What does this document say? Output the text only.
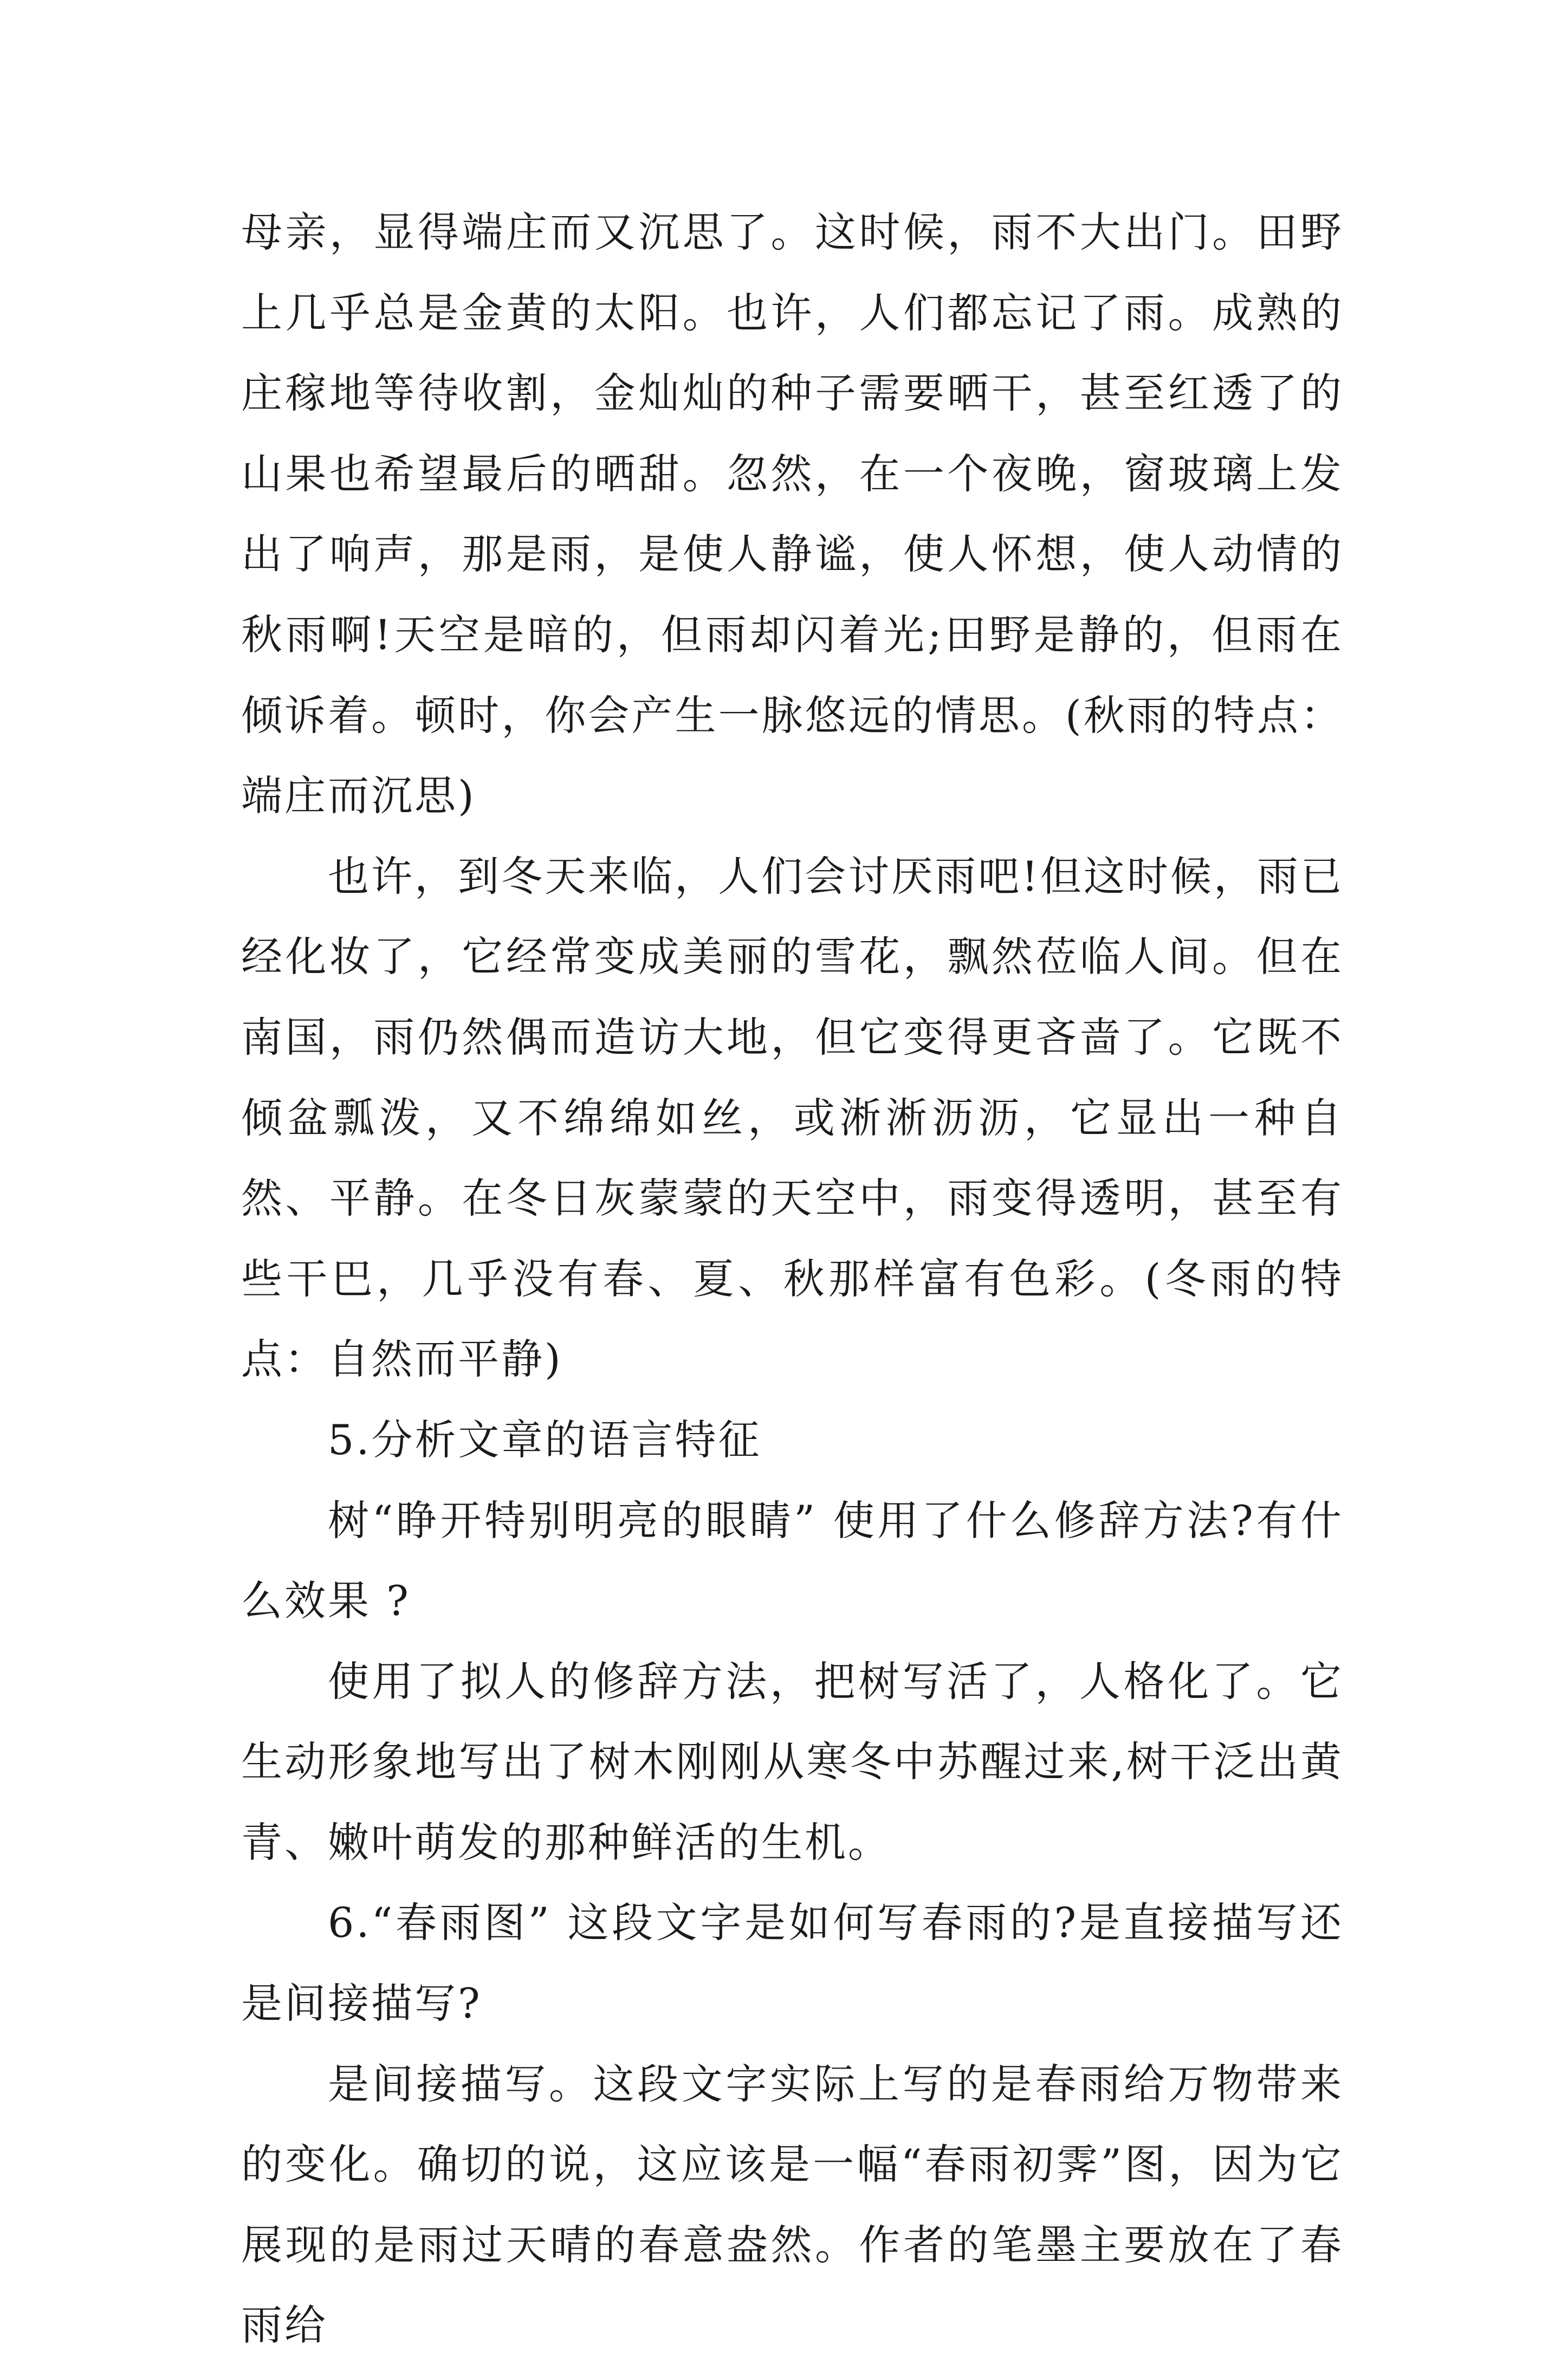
母亲，显得端庄而又沉思了。这时候，雨不大出门。田野上几乎总是金黄的太阳。也许，人们都忘记了雨。成熟的庄稼地等待收割，金灿灿的种子需要晒干，甚至红透了的山果也希望最后的晒甜。忽然，在一个夜晚，窗玻璃上发出了响声，那是雨，是使人静谧，使人怀想，使人动情的秋雨啊!天空是暗的，但雨却闪着光;田野是静的，但雨在倾诉着。顿时，你会产生一脉悠远的情思。(秋雨的特点：端庄而沉思)

也许，到冬天来临，人们会讨厌雨吧!但这时候，雨已经化妆了，它经常变成美丽的雪花，飘然莅临人间。但在南国，雨仍然偶而造访大地，但它变得更吝啬了。它既不倾盆瓢泼，又不绵绵如丝，或淅淅沥沥，它显出一种自然、平静。在冬日灰蒙蒙的天空中，雨变得透明，甚至有些干巴，几乎没有春、夏、秋那样富有色彩。(冬雨的特点：自然而平静)

5.分析文章的语言特征

树“睁开特别明亮的眼睛” 使用了什么修辞方法?有什么效果 ?

使用了拟人的修辞方法，把树写活了，人格化了。它生动形象地写出了树木刚刚从寒冬中苏醒过来,树干泛出黄青、嫩叶萌发的那种鲜活的生机。

6.“春雨图” 这段文字是如何写春雨的?是直接描写还是间接描写?

是间接描写。这段文字实际上写的是春雨给万物带来的变化。确切的说，这应该是一幅“春雨初霁”图，因为它展现的是雨过天晴的春意盎然。作者的笔墨主要放在了春雨给
